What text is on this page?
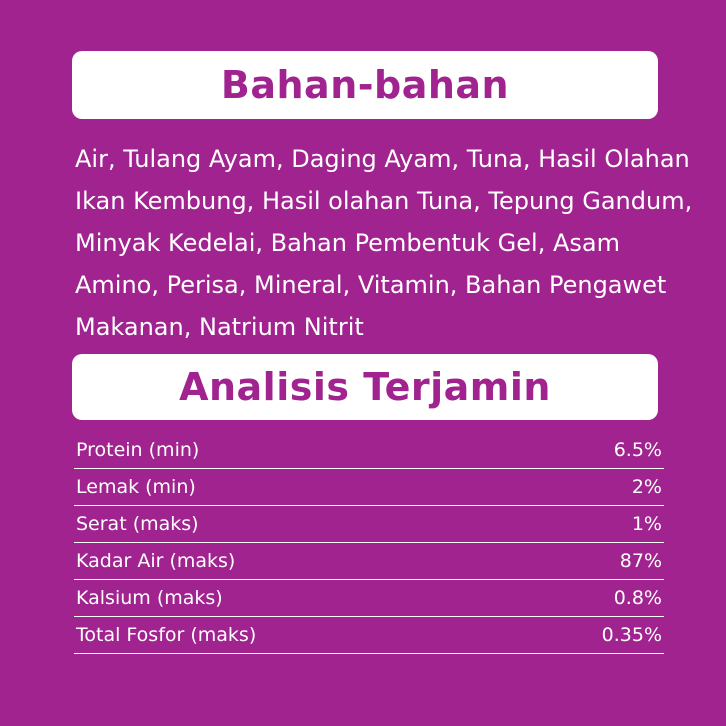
Bahan-bahan

Air, Tulang Ayam, Daging Ayam, Tuna, Hasil Olahan Ikan Kembung, Hasil olahan Tuna, Tepung Gandum, Minyak Kedelai, Bahan Pembentuk Gel, Asam Amino, Perisa, Mineral, Vitamin, Bahan Pengawet Makanan, Natrium Nitrit

Analisis Terjamin
Protein (min)	6.5%
Lemak (min)	2%
Serat (maks)	1%
Kadar Air (maks)	87%
Kalsium (maks)	0.8%
Total Fosfor (maks)	0.35%
